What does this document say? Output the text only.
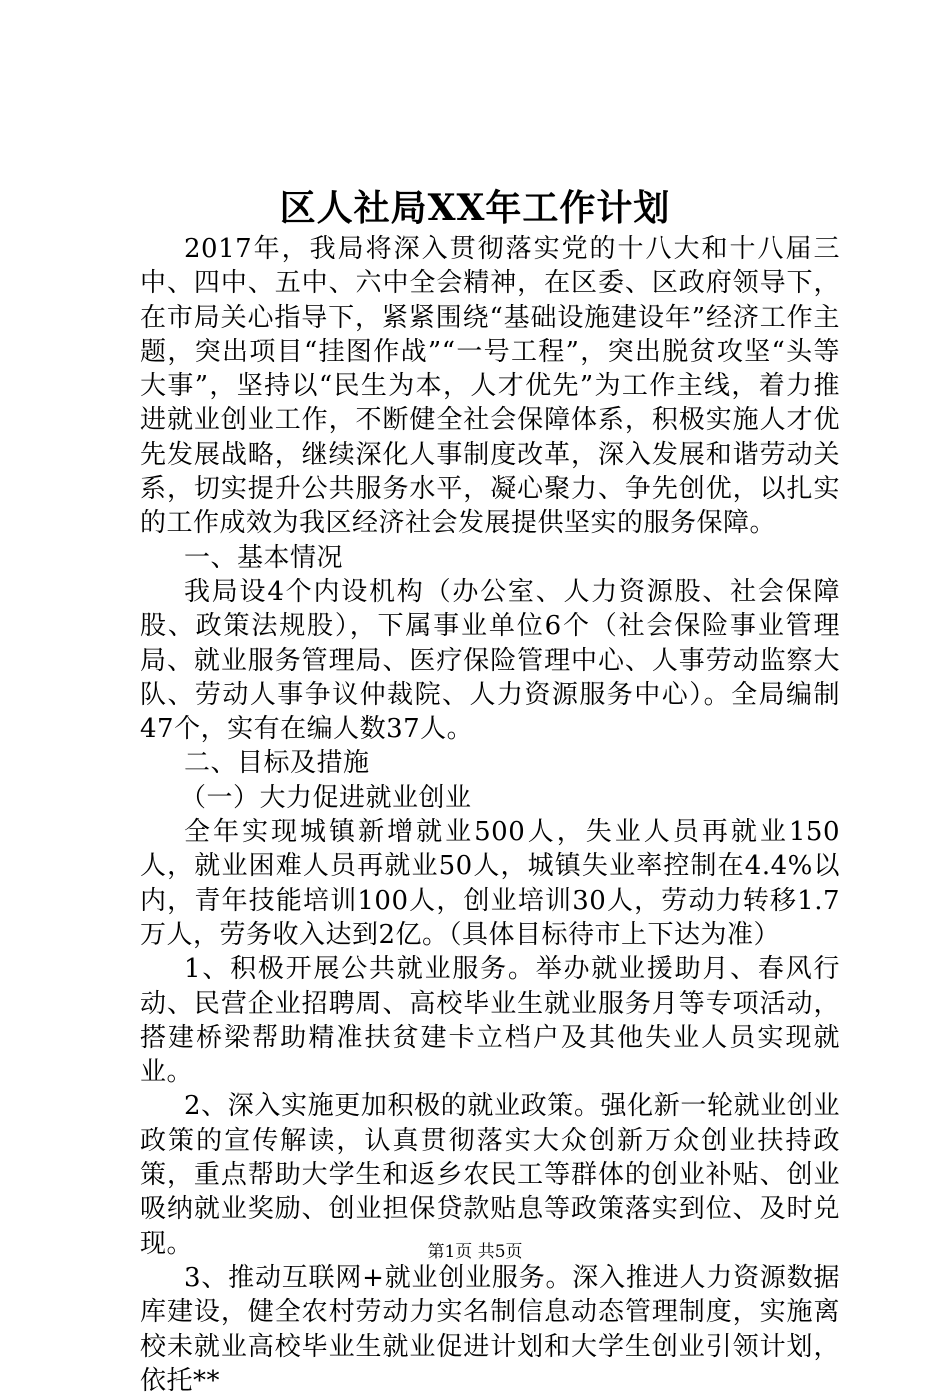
区人社局XX年工作计划

2017年，我局将深入贯彻落实党的十八大和十八届三中、四中、五中、六中全会精神，在区委、区政府领导下，在市局关心指导下，紧紧围绕“基础设施建设年”经济工作主题，突出项目“挂图作战”“一号工程”，突出脱贫攻坚“头等大事”，坚持以“民生为本，人才优先”为工作主线，着力推进就业创业工作，不断健全社会保障体系，积极实施人才优先发展战略，继续深化人事制度改革，深入发展和谐劳动关系，切实提升公共服务水平，凝心聚力、争先创优，以扎实的工作成效为我区经济社会发展提供坚实的服务保障。

一、基本情况

我局设4个内设机构（办公室、人力资源股、社会保障股、政策法规股），下属事业单位6个（社会保险事业管理局、就业服务管理局、医疗保险管理中心、人事劳动监察大队、劳动人事争议仲裁院、人力资源服务中心）。全局编制47个，实有在编人数37人。

二、目标及措施

（一）大力促进就业创业

全年实现城镇新增就业500人，失业人员再就业150人，就业困难人员再就业50人，城镇失业率控制在4.4%以内，青年技能培训100人，创业培训30人，劳动力转移1.7万人，劳务收入达到2亿。（具体目标待市上下达为准）

1、积极开展公共就业服务。举办就业援助月、春风行动、民营企业招聘周、高校毕业生就业服务月等专项活动，搭建桥梁帮助精准扶贫建卡立档户及其他失业人员实现就业。

2、深入实施更加积极的就业政策。强化新一轮就业创业政策的宣传解读，认真贯彻落实大众创新万众创业扶持政策，重点帮助大学生和返乡农民工等群体的创业补贴、创业吸纳就业奖励、创业担保贷款贴息等政策落实到位、及时兑现。

3、推动互联网+就业创业服务。深入推进人力资源数据库建设，健全农村劳动力实名制信息动态管理制度，实施离校未就业高校毕业生就业促进计划和大学生创业引领计划，依托**

第1页 共5页
